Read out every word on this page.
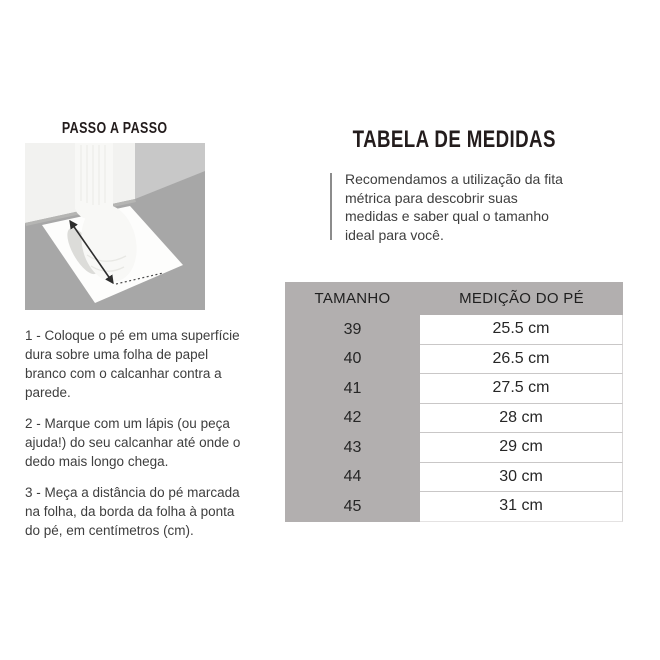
PASSO A PASSO

1 - Coloque o pé em uma superfície dura sobre uma folha de papel branco com o calcanhar contra a parede.

2 - Marque com um lápis (ou peça ajuda!) do seu calcanhar até onde o dedo mais longo chega.

3 - Meça a distância do pé marcada na folha, da borda da folha à ponta do pé, em centímetros (cm).

TABELA DE MEDIDAS
Recomendamos a utilização da fita métrica para descobrir suas medidas e saber qual o tamanho ideal para você.
TAMANHO	MEDIÇÃO DO PÉ
39	25.5 cm
40	26.5 cm
41	27.5 cm
42	28 cm
43	29 cm
44	30 cm
45	31 cm
